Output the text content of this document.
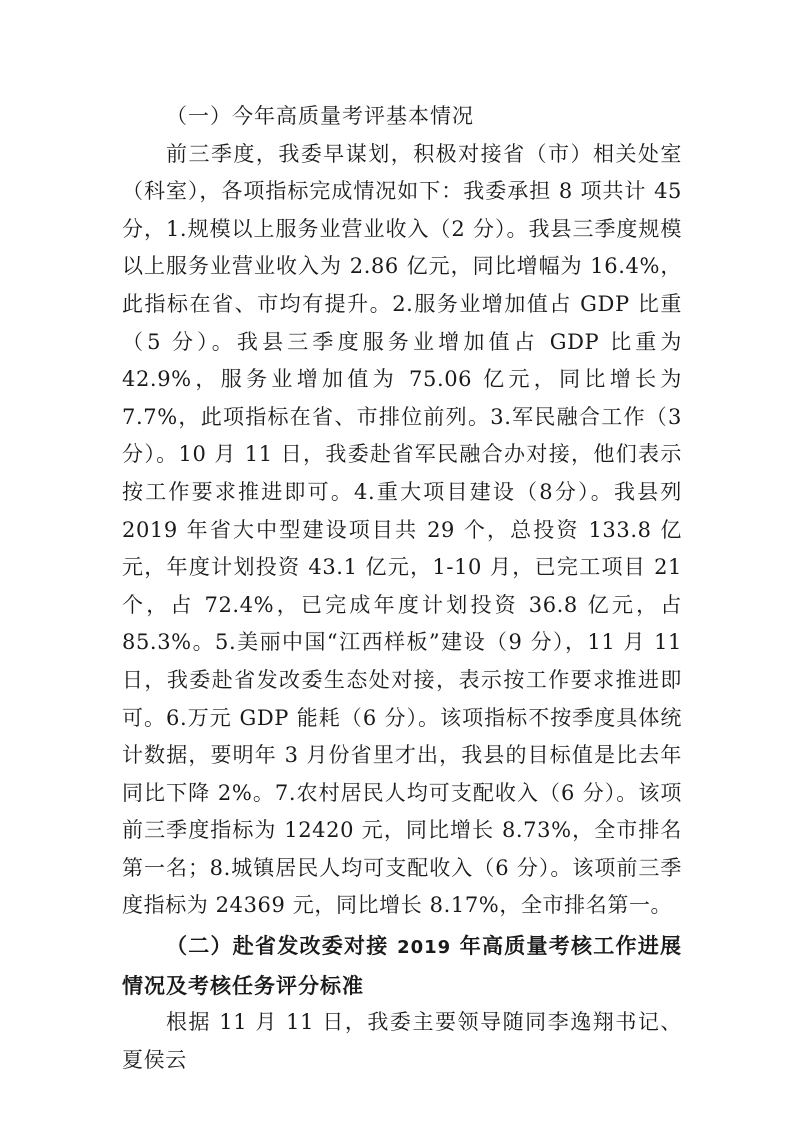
（一）今年高质量考评基本情况

前三季度，我委早谋划，积极对接省（市）相关处室（科室），各项指标完成情况如下：我委承担 8 项共计 45 分，1.规模以上服务业营业收入（2 分）。我县三季度规模以上服务业营业收入为 2.86 亿元，同比增幅为 16.4%，此指标在省、市均有提升。2.服务业增加值占 GDP 比重（5 分）。我县三季度服务业增加值占 GDP 比重为 42.9%，服务业增加值为 75.06 亿元，同比增长为 7.7%，此项指标在省、市排位前列。3.军民融合工作（3 分）。10 月 11 日，我委赴省军民融合办对接，他们表示按工作要求推进即可。4.重大项目建设（8分）。我县列 2019 年省大中型建设项目共 29 个，总投资 133.8 亿元，年度计划投资 43.1 亿元，1-10 月，已完工项目 21 个，占 72.4%，已完成年度计划投资 36.8 亿元，占 85.3%。5.美丽中国“江西样板”建设（9 分），11 月 11 日，我委赴省发改委生态处对接，表示按工作要求推进即可。6.万元 GDP 能耗（6 分）。该项指标不按季度具体统计数据，要明年 3 月份省里才出，我县的目标值是比去年同比下降 2%。7.农村居民人均可支配收入（6 分）。该项前三季度指标为 12420 元，同比增长 8.73%，全市排名第一名；8.城镇居民人均可支配收入（6 分）。该项前三季度指标为 24369 元，同比增长 8.17%，全市排名第一。

（二）赴省发改委对接 2019 年高质量考核工作进展情况及考核任务评分标准

根据 11 月 11 日，我委主要领导随同李逸翔书记、夏侯云
